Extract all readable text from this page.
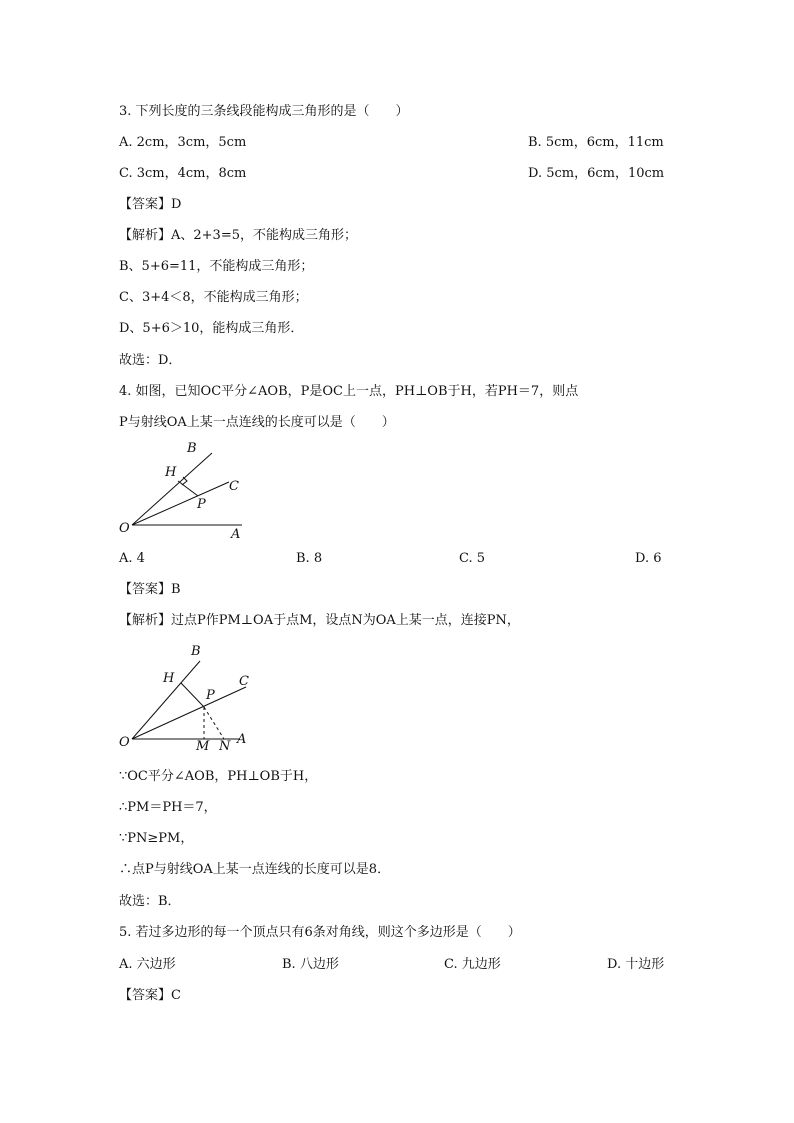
3. 下列长度的三条线段能构成三角形的是（　　）
A. 2cm，3cm，5cm	B. 5cm，6cm，11cm
C. 3cm，4cm，8cm	D. 5cm，6cm，10cm
【答案】D
【解析】A、2+3=5，不能构成三角形；
B、5+6=11，不能构成三角形；
C、3+4＜8，不能构成三角形；
D、5+6＞10，能构成三角形．
故选：D．
4. 如图，已知OC平分∠AOB，P是OC上一点，PH⊥OB于H，若PH＝7，则点
P与射线OA上某一点连线的长度可以是（　　）
B
H
C
P
O	A
A. 4	B. 8	C. 5	D. 6
【答案】B
【解析】过点P作PM⊥OA于点M，设点N为OA上某一点，连接PN，
B
H	C
P
O	M N A
∵OC平分∠AOB，PH⊥OB于H，
∴PM＝PH＝7，
∵PN≥PM，
∴点P与射线OA上某一点连线的长度可以是8．
故选：B．
5. 若过多边形的每一个顶点只有6条对角线，则这个多边形是（　　）
A. 六边形	B. 八边形	C. 九边形	D. 十边形
【答案】C
